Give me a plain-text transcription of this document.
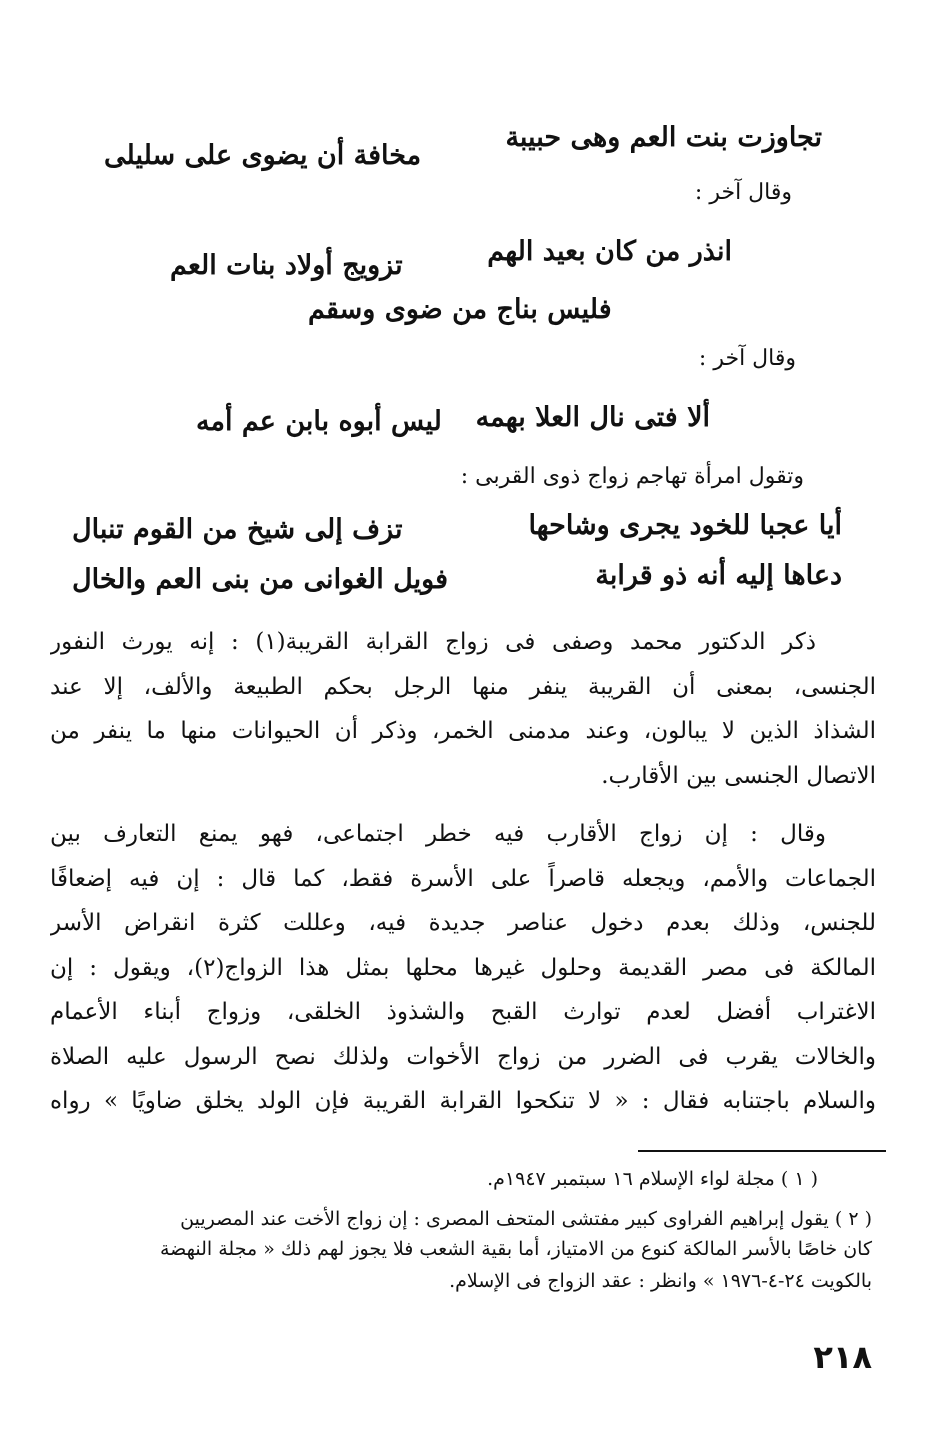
تجاوزت بنت العم وهى حبيبة
مخافة أن يضوى على سليلى
وقال آخر :
انذر من كان بعيد الهم
تزويج أولاد بنات العم
فليس بناج من ضوى وسقم
وقال آخر :
ألا فتى نال العلا بهمه
ليس أبوه بابن عم أمه
وتقول امرأة تهاجم زواج ذوى القربى :
أيا عجبا للخود يجرى وشاحها
تزف إلى شيخ من القوم تنبال
دعاها إليه أنه ذو قرابة
فويل الغوانى من بنى العم والخال
ذكر الدكتور محمد وصفى فى زواج القرابة القريبة(١) : إنه يورث النفور
الجنسى، بمعنى أن القريبة ينفر منها الرجل بحكم الطبيعة والألف، إلا عند
الشذاذ الذين لا يبالون، وعند مدمنى الخمر، وذكر أن الحيوانات منها ما ينفر من
الاتصال الجنسى بين الأقارب.
وقال : إن زواج الأقارب فيه خطر اجتماعى، فهو يمنع التعارف بين
الجماعات والأمم، ويجعله قاصراً على الأسرة فقط، كما قال : إن فيه إضعافًا
للجنس، وذلك بعدم دخول عناصر جديدة فيه، وعللت كثرة انقراض الأسر
المالكة فى مصر القديمة وحلول غيرها محلها بمثل هذا الزواج(٢)، ويقول : إن
الاغتراب أفضل لعدم توارث القبح والشذوذ الخلقى، وزواج أبناء الأعمام
والخالات يقرب فى الضرر من زواج الأخوات ولذلك نصح الرسول عليه الصلاة
والسلام باجتنابه فقال : « لا تنكحوا القرابة القريبة فإن الولد يخلق ضاويًا » رواه
( ١ ) مجلة لواء الإسلام ١٦ سبتمبر ١٩٤٧م.
( ٢ ) يقول إبراهيم الفراوى كبير مفتشى المتحف المصرى : إن زواج الأخت عند المصريين
كان خاصًا بالأسر المالكة كنوع من الامتياز، أما بقية الشعب فلا يجوز لهم ذلك « مجلة النهضة
بالكويت ٢٤-٤-١٩٧٦ » وانظر : عقد الزواج فى الإسلام.
٢١٨
